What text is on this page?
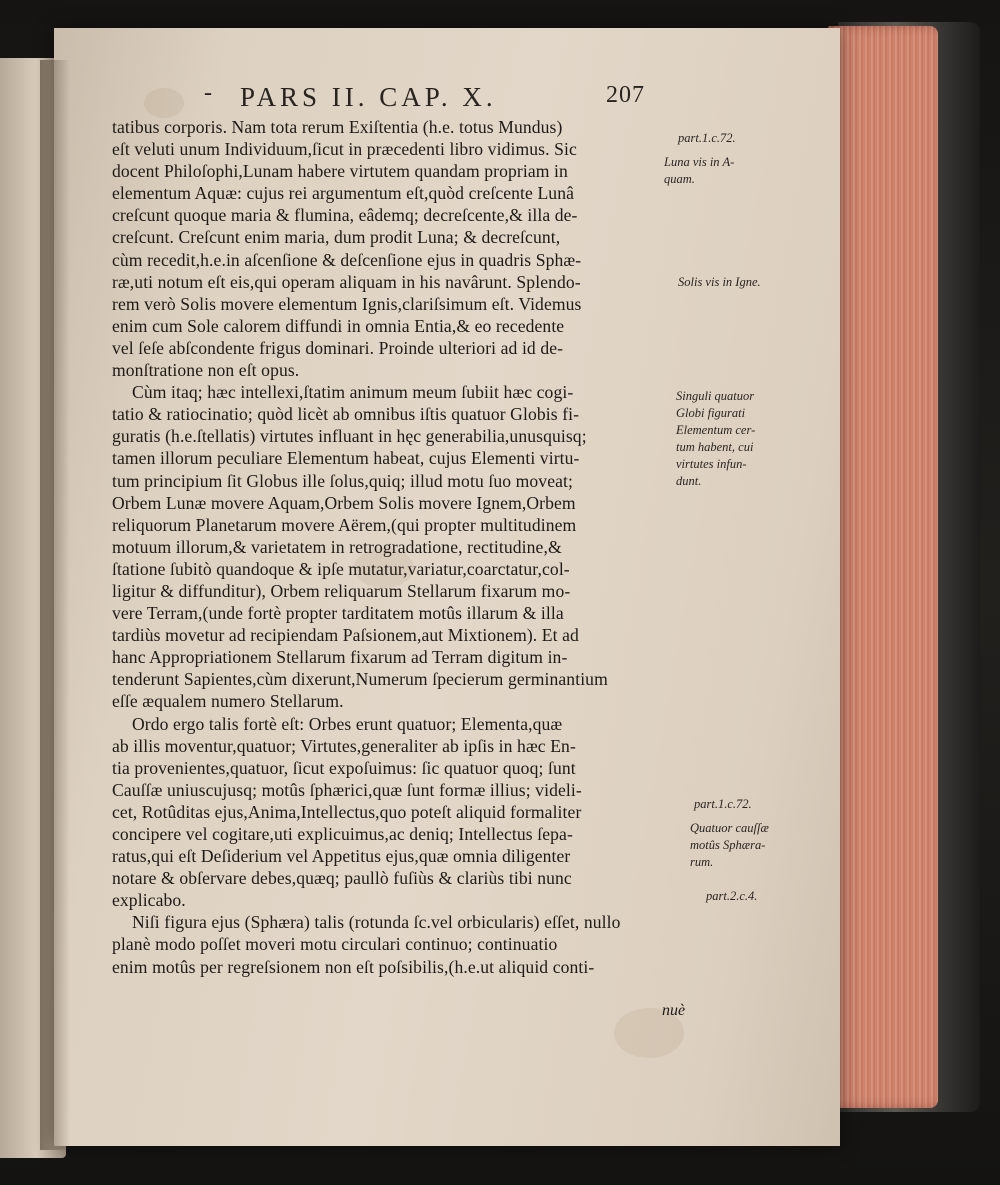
- PARS II. CAP. X.	207
tatibus corporis. Nam tota rerum Exiſtentia (h.e. totus Mundus)
eſt veluti unum Individuum,ſicut in præcedenti libro vidimus. Sic
docent Philoſophi,Lunam habere virtutem quandam propriam in
elementum Aquæ: cujus rei argumentum eſt,quòd creſcente Lunâ
creſcunt quoque maria & flumina, eâdemq; decreſcente,& illa de-
creſcunt. Creſcunt enim maria, dum prodit Luna; & decreſcunt,
cùm recedit,h.e.in aſcenſione & deſcenſione ejus in quadris Sphæ-
ræ,uti notum eſt eis,qui operam aliquam in his navârunt. Splendo-
rem verò Solis movere elementum Ignis,clariſsimum eſt. Videmus
enim cum Sole calorem diffundi in omnia Entia,& eo recedente
vel ſeſe abſcondente frigus dominari. Proinde ulteriori ad id de-
monſtratione non eſt opus.
Cùm itaq; hæc intellexi,ſtatim animum meum ſubiit hæc cogi-
tatio & ratiocinatio; quòd licèt ab omnibus iſtis quatuor Globis fi-
guratis (h.e.ſtellatis) virtutes influant in hęc generabilia,unusquisq;
tamen illorum peculiare Elementum habeat, cujus Elementi virtu-
tum principium ſit Globus ille ſolus,quiq; illud motu ſuo moveat;
Orbem Lunæ movere Aquam,Orbem Solis movere Ignem,Orbem
reliquorum Planetarum movere Aërem,(qui propter multitudinem
motuum illorum,& varietatem in retrogradatione, rectitudine,&
ſtatione ſubitò quandoque & ipſe mutatur,variatur,coarctatur,col-
ligitur & diffunditur), Orbem reliquarum Stellarum fixarum mo-
vere Terram,(unde fortè propter tarditatem motûs illarum & illa
tardiùs movetur ad recipiendam Paſsionem,aut Mixtionem). Et ad
hanc Appropriationem Stellarum fixarum ad Terram digitum in-
tenderunt Sapientes,cùm dixerunt,Numerum ſpecierum germinantium
eſſe æqualem numero Stellarum.
Ordo ergo talis fortè eſt: Orbes erunt quatuor; Elementa,quæ
ab illis moventur,quatuor; Virtutes,generaliter ab ipſis in hæc En-
tia provenientes,quatuor, ſicut expoſuimus: ſic quatuor quoq; ſunt
Cauſſæ uniuscujusq; motûs ſphærici,quæ ſunt formæ illius; videli-
cet, Rotûditas ejus,Anima,Intellectus,quo poteſt aliquid formaliter
concipere vel cogitare,uti explicuimus,ac deniq; Intellectus ſepa-
ratus,qui eſt Deſiderium vel Appetitus ejus,quæ omnia diligenter
notare & obſervare debes,quæq; paullò fuſiùs & clariùs tibi nunc
explicabo.
Niſi figura ejus (Sphæra) talis (rotunda ſc.vel orbicularis) eſſet, nullo
planè modo poſſet moveri motu circulari continuo; continuatio
enim motûs per regreſsionem non eſt poſsibilis,(h.e.ut aliquid conti-
nuè
part.1.c.72.
Luna vis in A-
quam.
Solis vis in Igne.
Singuli quatuor
Globi figurati
Elementum cer-
tum habent, cui
virtutes infun-
dunt.
part.1.c.72.
Quatuor cauſſæ
motûs Sphæra-
rum.
part.2.c.4.
